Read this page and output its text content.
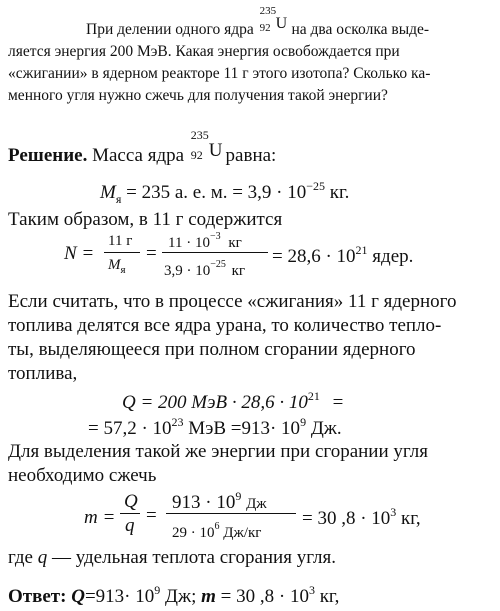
При делении одного ядра
235
92 U на два осколка выде-
ляется энергия 200 МэВ. Какая энергия освобождается при
«сжигании» в ядерном реакторе 11 г этого изотопа? Сколько ка-
менного угля нужно сжечь для получения такой энергии?
Решение. Масса ядра
235
92 U равна:
$M_я = 235$ а. е. м. = $3,9 \cdot 10^{-25}$ кг.
Таким образом, в 11 г содержится
N =
11 г
$M_я$
= $11 \cdot 10^{-3}$ кг
$3,9 \cdot 10^{-25}$ кг
= $28,6 \cdot 10^{21}$ ядер.
Если считать, что в процессе «сжигания» 11 г ядерного
топлива делятся все ядра урана, то количество тепло-
ты, выделяющееся при полном сгорании ядерного
топлива,
Q = 200 МэВ · $28,6 \cdot 10^{21}$ =
= $57,2 \cdot 10^{23}$ МэВ $=913\cdot 10^9$ Дж.
Для выделения такой же энергии при сгорании угля
необходимо сжечь
m =
Q
q =
$913 \cdot 10^9$ Дж
$29 \cdot 10^6$ Дж/кг
= 30 $,8 \cdot 10^3$ кг,
где q — удельная теплота сгорания угля.
Ответ: $Q=913\cdot 10^9$ Дж; m = 30 $,8 \cdot 10^3$ кг,
